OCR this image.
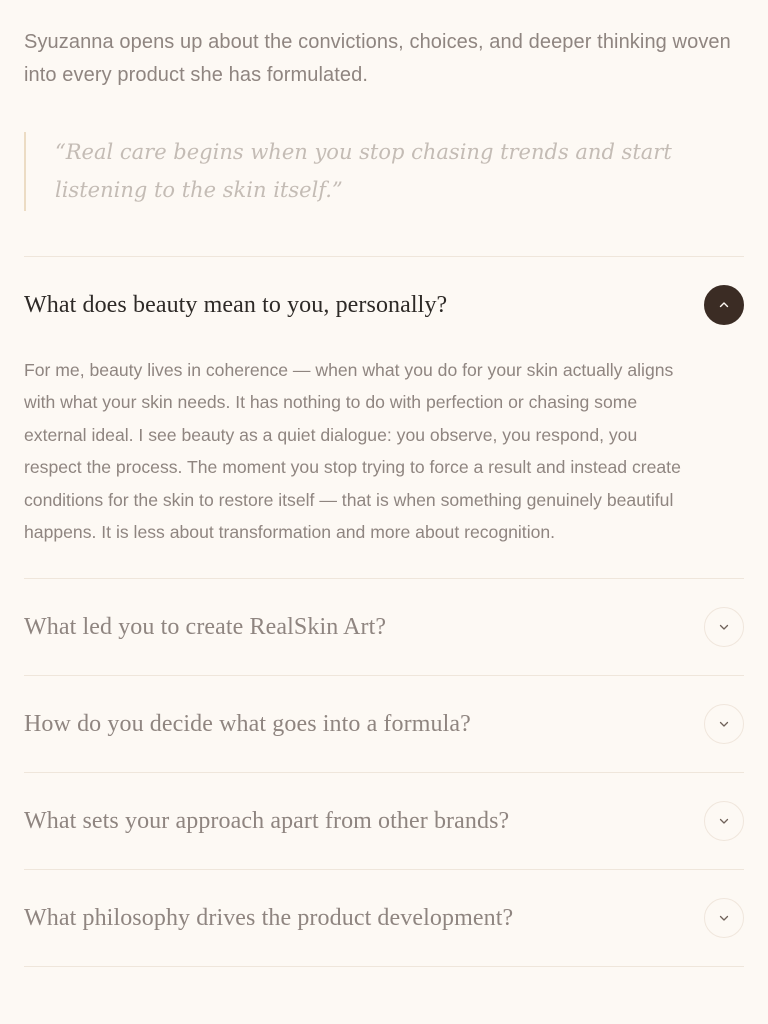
Syuzanna opens up about the convictions, choices, and deeper thinking woven into every product she has formulated.

“Real care begins when you stop chasing trends and start listening to the skin itself.”

What does beauty mean to you, personally?

For me, beauty lives in coherence — when what you do for your skin actually aligns with what your skin needs. It has nothing to do with perfection or chasing some external ideal. I see beauty as a quiet dialogue: you observe, you respond, you respect the process. The moment you stop trying to force a result and instead create conditions for the skin to restore itself — that is when something genuinely beautiful happens. It is less about transformation and more about recognition.

What led you to create RealSkin Art?
How do you decide what goes into a formula?
What sets your approach apart from other brands?
What philosophy drives the product development?
